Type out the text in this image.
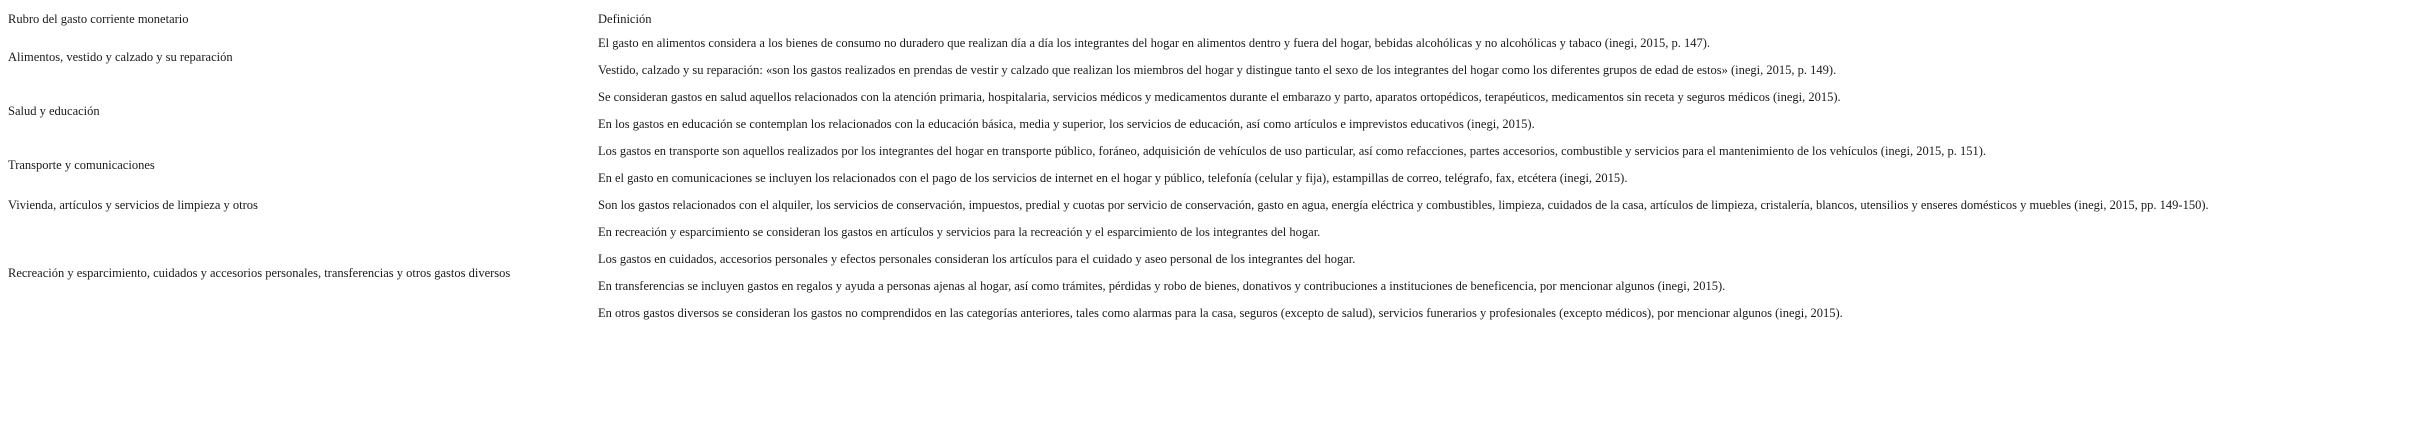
Rubro del gasto corriente monetario	Definición
Alimentos, vestido y calzado y su reparación	El gasto en alimentos considera a los bienes de consumo no duradero que realizan día a día los integrantes del hogar en alimentos dentro y fuera del hogar, bebidas alcohólicas y no alcohólicas y tabaco (inegi, 2015, p. 147).
	Vestido, calzado y su reparación: «son los gastos realizados en prendas de vestir y calzado que realizan los miembros del hogar y distingue tanto el sexo de los integrantes del hogar como los diferentes grupos de edad de estos» (inegi, 2015, p. 149).
Salud y educación	Se consideran gastos en salud aquellos relacionados con la atención primaria, hospitalaria, servicios médicos y medicamentos durante el embarazo y parto, aparatos ortopédicos, terapéuticos, medicamentos sin receta y seguros médicos (inegi, 2015).
	En los gastos en educación se contemplan los relacionados con la educación básica, media y superior, los servicios de educación, así como artículos e imprevistos educativos (inegi, 2015).
Transporte y comunicaciones	Los gastos en transporte son aquellos realizados por los integrantes del hogar en transporte público, foráneo, adquisición de vehículos de uso particular, así como refacciones, partes accesorios, combustible y servicios para el mantenimiento de los vehículos (inegi, 2015, p. 151).
	En el gasto en comunicaciones se incluyen los relacionados con el pago de los servicios de internet en el hogar y público, telefonía (celular y fija), estampillas de correo, telégrafo, fax, etcétera (inegi, 2015).
Vivienda, artículos y servicios de limpieza y otros	Son los gastos relacionados con el alquiler, los servicios de conservación, impuestos, predial y cuotas por servicio de conservación, gasto en agua, energía eléctrica y combustibles, limpieza, cuidados de la casa, artículos de limpieza, cristalería, blancos, utensilios y enseres domésticos y muebles (inegi, 2015, pp. 149-150).
Recreación y esparcimiento, cuidados y accesorios personales, transferencias y otros gastos diversos	En recreación y esparcimiento se consideran los gastos en artículos y servicios para la recreación y el esparcimiento de los integrantes del hogar.
	Los gastos en cuidados, accesorios personales y efectos personales consideran los artículos para el cuidado y aseo personal de los integrantes del hogar.
	En transferencias se incluyen gastos en regalos y ayuda a personas ajenas al hogar, así como trámites, pérdidas y robo de bienes, donativos y contribuciones a instituciones de beneficencia, por mencionar algunos (inegi, 2015).
	En otros gastos diversos se consideran los gastos no comprendidos en las categorías anteriores, tales como alarmas para la casa, seguros (excepto de salud), servicios funerarios y profesionales (excepto médicos), por mencionar algunos (inegi, 2015).
